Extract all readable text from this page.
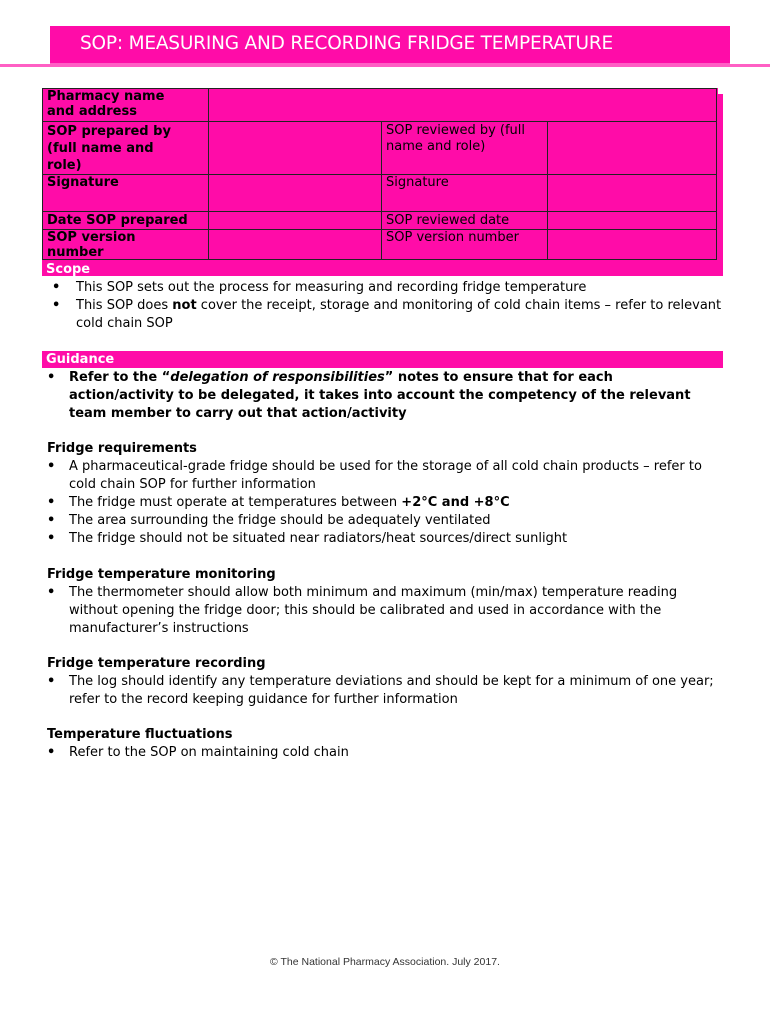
SOP: MEASURING AND RECORDING FRIDGE TEMPERATURE
Pharmacy name and address
SOP prepared by (full name and role)
SOP reviewed by (full name and role)
Signature	Signature
Date SOP prepared	SOP reviewed date
SOP version number
SOP version number
Scope
• This SOP sets out the process for measuring and recording fridge temperature
• This SOP does not cover the receipt, storage and monitoring of cold chain items – refer to relevant cold chain SOP
Guidance
• Refer to the “delegation of responsibilities” notes to ensure that for each action/activity to be delegated, it takes into account the competency of the relevant team member to carry out that action/activity
Fridge requirements
• A pharmaceutical-grade fridge should be used for the storage of all cold chain products – refer to cold chain SOP for further information
• The fridge must operate at temperatures between +2°C and +8°C
• The area surrounding the fridge should be adequately ventilated
• The fridge should not be situated near radiators/heat sources/direct sunlight
Fridge temperature monitoring
• The thermometer should allow both minimum and maximum (min/max) temperature reading without opening the fridge door; this should be calibrated and used in accordance with the manufacturer’s instructions
Fridge temperature recording
• The log should identify any temperature deviations and should be kept for a minimum of one year; refer to the record keeping guidance for further information
Temperature fluctuations
• Refer to the SOP on maintaining cold chain
© The National Pharmacy Association. July 2017.
